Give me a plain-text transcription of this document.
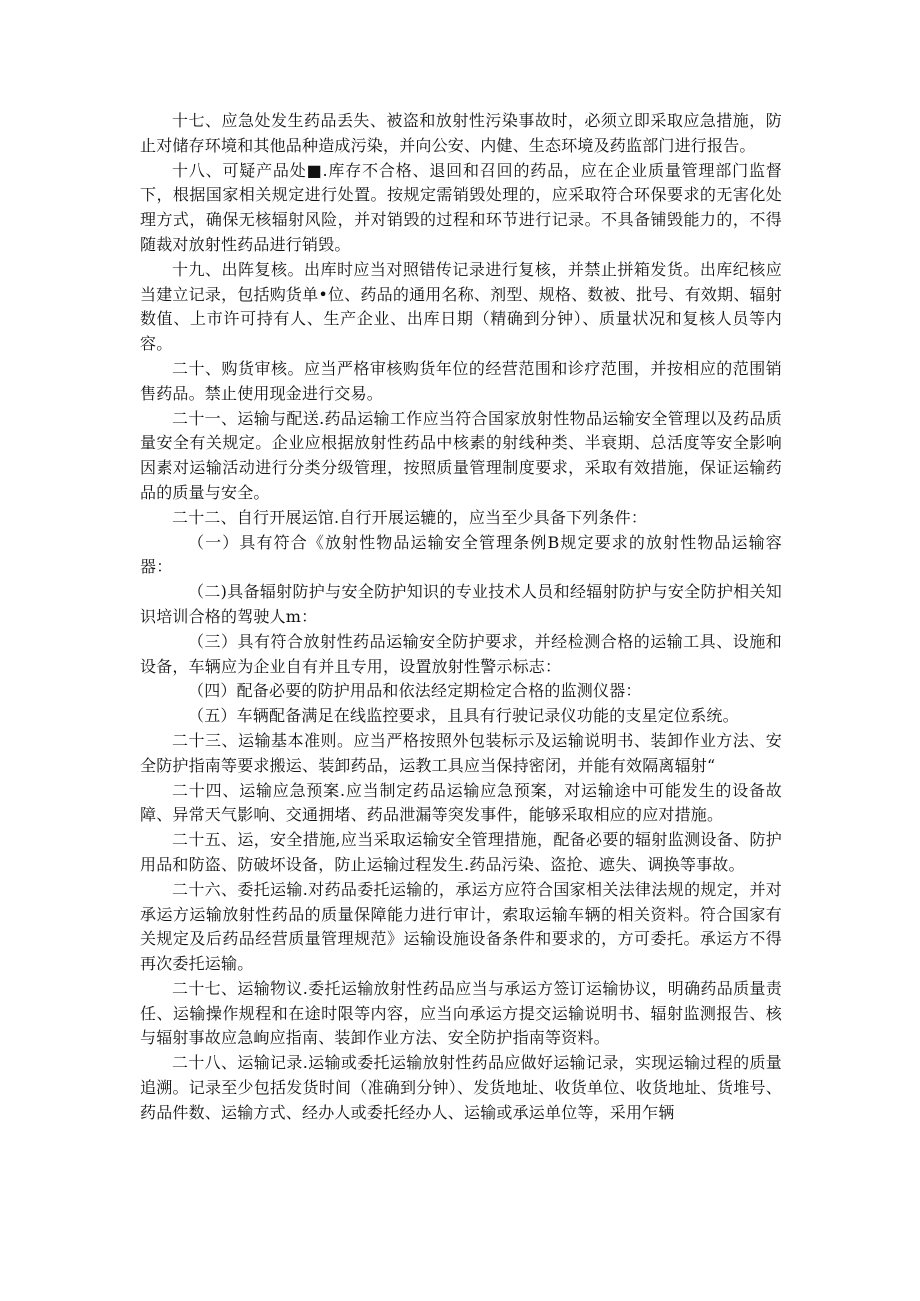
十七、应急处发生药品丢失、被盗和放射性污染事故时，必须立即采取应急措施，防止对储存环境和其他品种造成污染，并向公安、内健、生态环境及药监部门进行报告。

十八、可疑产品处■.库存不合格、退回和召回的药品，应在企业质量管理部门监督下，根据国家相关规定进行处置。按规定需销毁处理的，应采取符合环保要求的无害化处理方式，确保无核辐射风险，并对销毁的过程和环节进行记录。不具备铺毁能力的，不得随裁对放射性药品进行销毁。

十九、出阵复核。出库时应当对照错传记录进行复核，并禁止拼箱发货。出库纪核应当建立记录，包括购货单•位、药品的通用名称、剂型、规格、数被、批号、有效期、辐射数值、上市许可持有人、生产企业、出库日期（精确到分钟）、质量状况和复核人员等内容。

二十、购货审核。应当严格审核购货年位的经营范围和诊疗范围，并按相应的范围销售药品。禁止使用现金进行交易。

二十一、运输与配送.药品运输工作应当符合国家放射性物品运输安全管理以及药品质量安全有关规定。企业应根据放射性药品中核素的射线种类、半衰期、总活度等安全影响因素对运输活动进行分类分级管理，按照质量管理制度要求，采取有效措施，保证运输药品的质量与安全。

二十二、自行开展运馆.自行开展运辘的，应当至少具备下列条件：

（一）具有符合《放射性物品运输安全管理条例B规定要求的放射性物品运输容器：

（二)具备辐射防护与安全防护知识的专业技术人员和经辐射防护与安全防护相关知识培训合格的驾驶人m：

（三）具有符合放射性药品运输安全防护要求，并经检测合格的运输工具、设施和设备，车辆应为企业自有并且专用，设置放射性警示标志：

（四）配备必要的防护用品和依法经定期检定合格的监测仪器：

（五）车辆配备满足在线监控要求，且具有行驶记录仪功能的支星定位系统。

二十三、运输基本准则。应当严格按照外包装标示及运输说明书、装卸作业方法、安全防护指南等要求搬运、装卸药品，运教工具应当保持密闭，并能有效隔离辐射“

二十四、运输应急预案.应当制定药品运输应急预案，对运输途中可能发生的设备故障、异常天气影响、交通拥堵、药品泄漏等突发事件，能够采取相应的应对措施。

二十五、运，安全措施,应当采取运输安全管理措施，配备必要的辐射监测设备、防护用品和防盗、防破坏设备，防止运输过程发生.药品污染、盗抢、遮失、调换等事故。

二十六、委托运输.对药品委托运输的，承运方应符合国家相关法律法规的规定，并对承运方运输放射性药品的质量保障能力进行审计，索取运输车辆的相关资料。符合国家有关规定及后药品经营质量管理规范》运输设施设备条件和要求的，方可委托。承运方不得再次委托运输。

二十七、运输物议.委托运输放射性药品应当与承运方签订运输协议，明确药品质量责任、运输操作规程和在途时限等内容，应当向承运方提交运输说明书、辐射监测报告、核与辐射事故应急峋应指南、装卸作业方法、安全防护指南等资料。

二十八、运输记录.运输或委托运输放射性药品应做好运输记录，实现运输过程的质量追溯。记录至少包括发货时间（准确到分钟）、发货地址、收货单位、收货地址、货堆号、药品件数、运输方式、经办人或委托经办人、运输或承运单位等，采用乍辆
